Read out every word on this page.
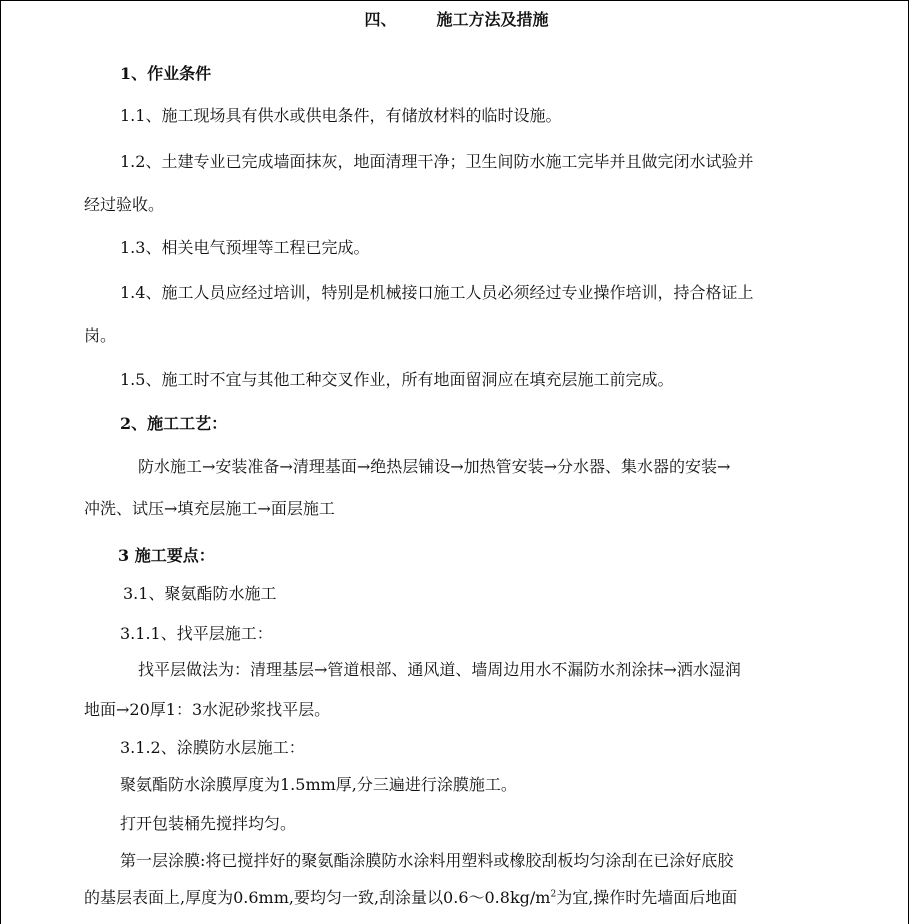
四、	施工方法及措施
1、作业条件
1.1、施工现场具有供水或供电条件，有储放材料的临时设施。
1.2、土建专业已完成墙面抹灰，地面清理干净；卫生间防水施工完毕并且做完闭水试验并
经过验收。
1.3、相关电气预埋等工程已完成。
1.4、施工人员应经过培训，特别是机械接口施工人员必须经过专业操作培训，持合格证上
岗。
1.5、施工时不宜与其他工种交叉作业，所有地面留洞应在填充层施工前完成。
2、施工工艺：
防水施工→安装准备→清理基面→绝热层铺设→加热管安装→分水器、集水器的安装→
冲洗、试压→填充层施工→面层施工
3 施工要点：
3.1、聚氨酯防水施工
3.1.1、找平层施工：
找平层做法为：清理基层→管道根部、通风道、墙周边用水不漏防水剂涂抹→洒水湿润
地面→20厚1：3水泥砂浆找平层。
3.1.2、涂膜防水层施工：
聚氨酯防水涂膜厚度为1.5mm厚,分三遍进行涂膜施工。
打开包装桶先搅拌均匀。
第一层涂膜:将已搅拌好的聚氨酯涂膜防水涂料用塑料或橡胶刮板均匀涂刮在已涂好底胶
的基层表面上,厚度为0.6mm,要均匀一致,刮涂量以$0.6\sim 0.8kg/m^2$为宜,操作时先墙面后地面
